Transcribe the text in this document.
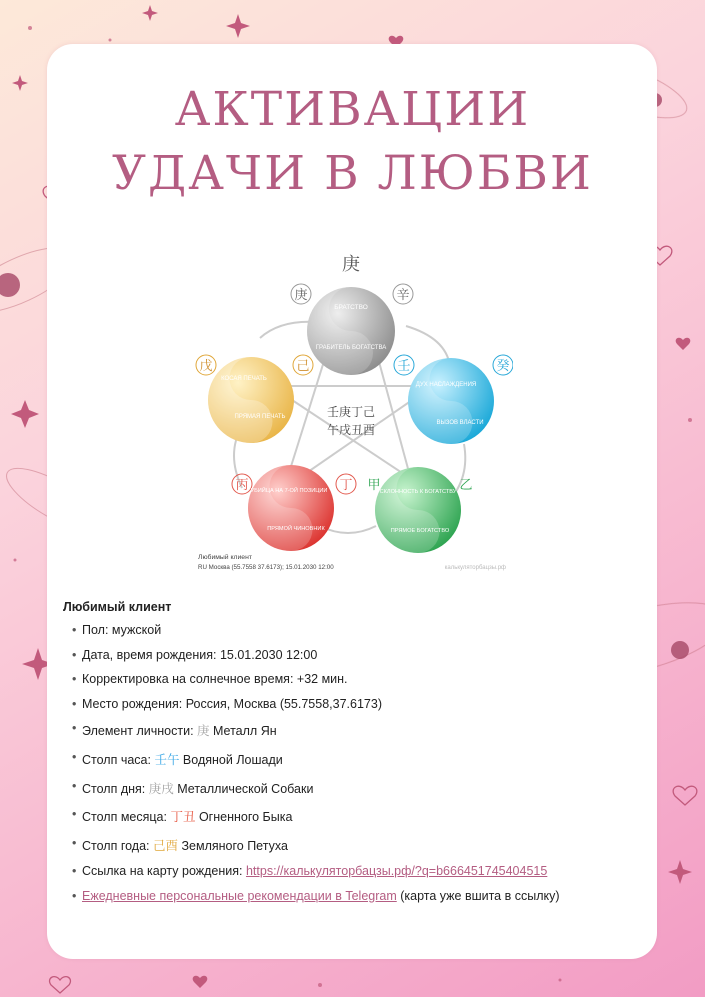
АКТИВАЦИИ
УДАЧИ В ЛЮБВИ
庚
庚	辛
壬	癸
戊	己
丙	丁 甲	乙
БРАТСТВО
ГРАБИТЕЛЬ БОГАТСТВА
ДУХ НАСЛАЖДЕНИЯ
ВЫЗОВ ВЛАСТИ
СКЛОННОСТЬ К БОГАТСТВУ
ПРЯМОЕ БОГАТСТВО
УБИЙЦА НА 7-ОЙ ПОЗИЦИИ
ПРЯМОЙ ЧИНОВНИК
КОСАЯ ПЕЧАТЬ
ПРЯМАЯ ПЕЧАТЬ	壬庚丁己
午戌丑酉
Любимый клиент
RU Москва (55.7558 37.6173); 15.01.2030 12:00	калькуляторбацзы.рф
Любимый клиент
• Пол: мужской
• Дата, время рождения: 15.01.2030 12:00
• Корректировка на солнечное время: +32 мин.
• Место рождения: Россия, Москва (55.7558,37.6173)
• Элемент личности: 庚 Металл Ян
• Столп часа: 壬午 Водяной Лошади
• Столп дня: 庚戌 Металлической Собаки
• Столп месяца: 丁丑 Огненного Быка
• Столп года: 己酉 Земляного Петуха
• Ссылка на карту рождения: https://калькуляторбацзы.рф/?q=b666451745404515
• Ежедневные персональные рекомендации в Telegram (карта уже вшита в ссылку)
